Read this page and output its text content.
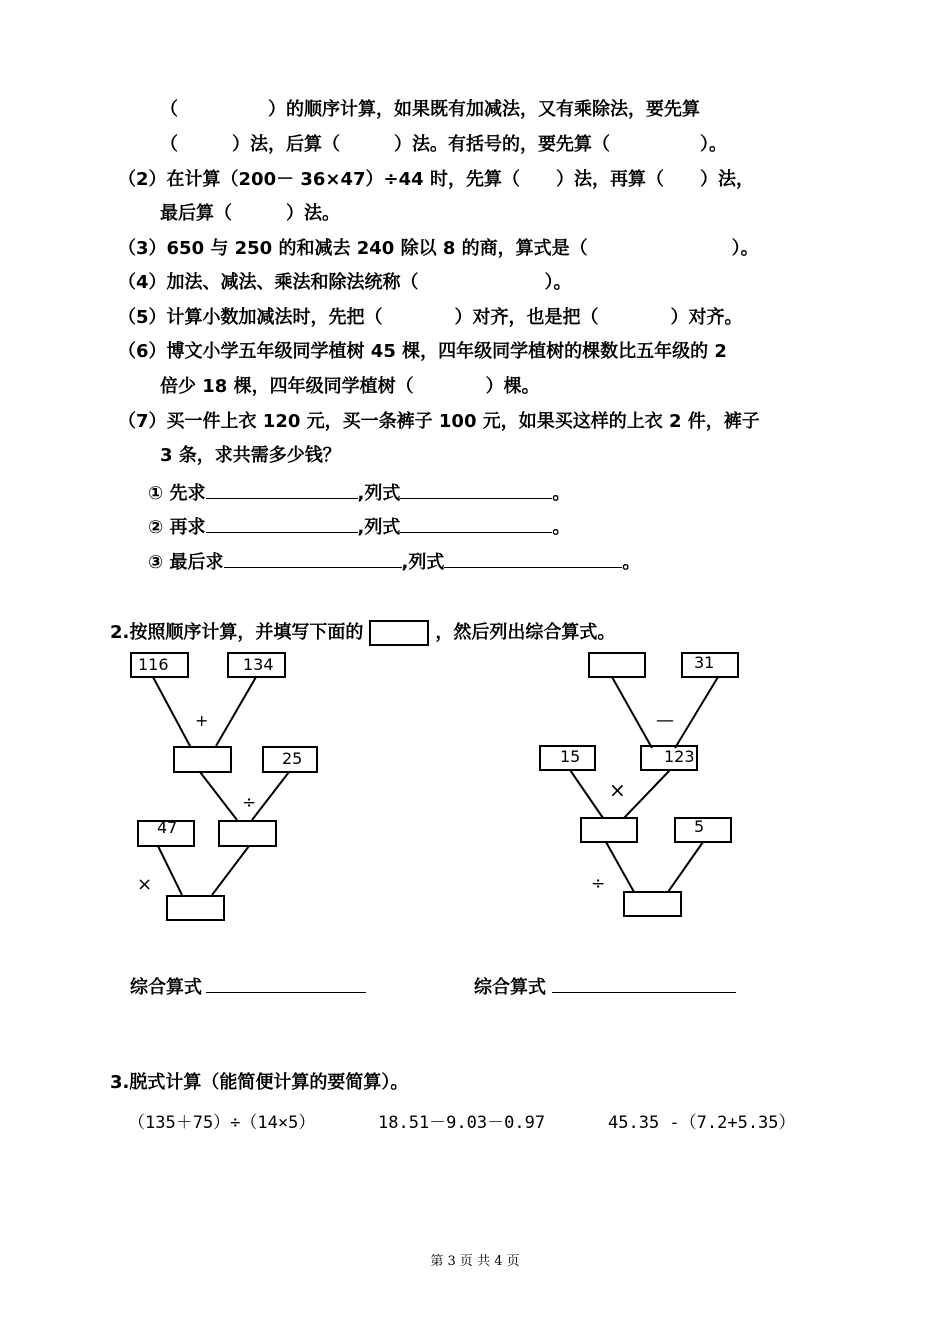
（　　　　　）的顺序计算，如果既有加减法，又有乘除法，要先算
（　　　）法，后算（　　　）法。有括号的，要先算（　　　　　）。
（2）在计算（200－ 36×47）÷44 时，先算（　　）法，再算（　　）法，
最后算（　　　）法。
（3）650 与 250 的和减去 240 除以 8 的商，算式是（　　　　　　　　）。
（4）加法、减法、乘法和除法统称（　　　　　　　）。
（5）计算小数加减法时，先把（　　　　）对齐，也是把（　　　　）对齐。
（6）博文小学五年级同学植树 45 棵，四年级同学植树的棵数比五年级的 2
倍少 18 棵，四年级同学植树（　　　　）棵。
（7）买一件上衣 120 元，买一条裤子 100 元，如果买这样的上衣 2 件，裤子
3 条，求共需多少钱？
① 先求	,列式	。
② 再求	,列式	。
③ 最后求	,列式	。
2.按照顺序计算，并填写下面的	，然后列出综合算式。
116	134
25
47
+
÷
×
31
15	123
5
—
×
÷
综合算式	综合算式
3.脱式计算（能简便计算的要简算）。
（135＋75）÷（14×5）	18.51－9.03－0.97	45.35 -（7.2+5.35）
第 3 页 共 4 页
